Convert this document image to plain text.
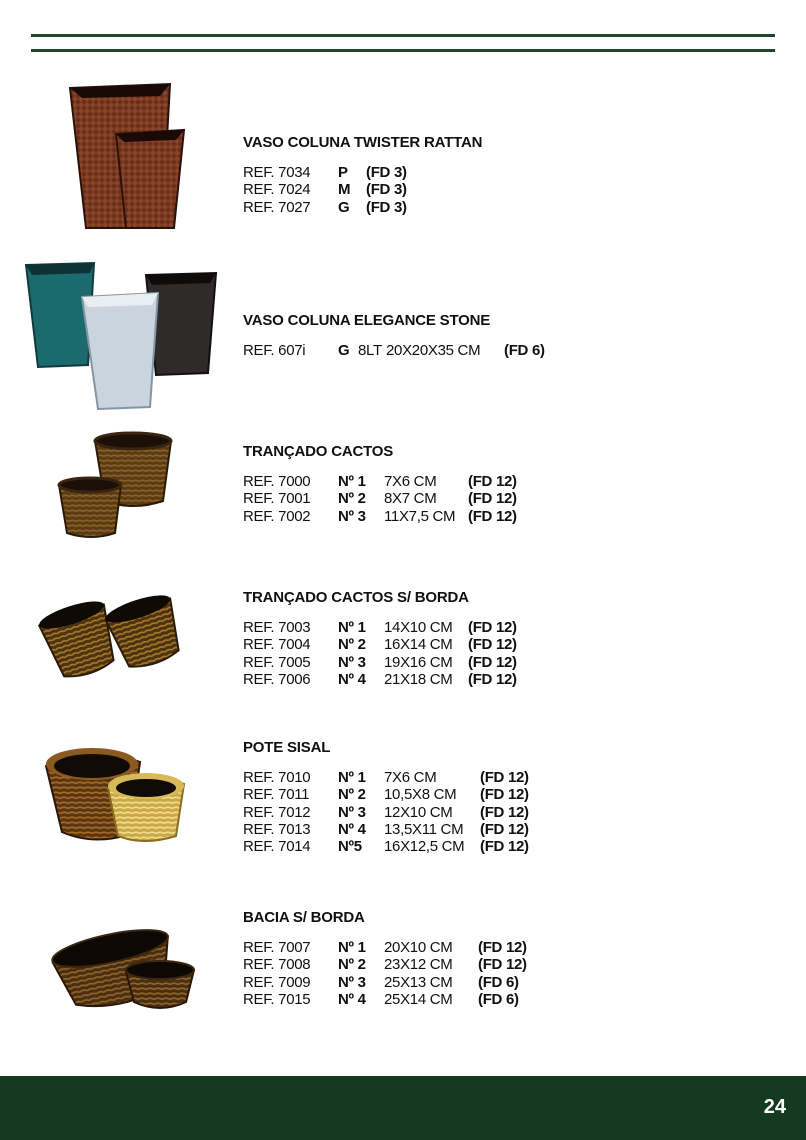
VASO COLUNA TWISTER RATTAN
REF. 7034 P (FD 3)
REF. 7024 M (FD 3)
REF. 7027 G (FD 3)
VASO COLUNA ELEGANCE STONE
REF. 607i G 8LT 20X20X35 CM (FD 6)
TRANÇADO CACTOS
REF. 7000 Nº 1 7X6 CM (FD 12)
REF. 7001 Nº 2 8X7 CM (FD 12)
REF. 7002 Nº 3 11X7,5 CM (FD 12)
TRANÇADO CACTOS S/ BORDA
REF. 7003 Nº 1 14X10 CM (FD 12)
REF. 7004 Nº 2 16X14 CM (FD 12)
REF. 7005 Nº 3 19X16 CM (FD 12)
REF. 7006 Nº 4 21X18 CM (FD 12)
POTE SISAL
REF. 7010 Nº 1 7X6 CM	(FD 12)
REF. 7011 Nº 2 10,5X8 CM (FD 12)
REF. 7012 Nº 3 12X10 CM (FD 12)
REF. 7013 Nº 4 13,5X11 CM (FD 12)
REF. 7014 Nº5 16X12,5 CM (FD 12)
BACIA S/ BORDA
REF. 7007 Nº 1 20X10 CM (FD 12)
REF. 7008 Nº 2 23X12 CM (FD 12)
REF. 7009 Nº 3 25X13 CM (FD 6)
REF. 7015 Nº 4 25X14 CM (FD 6)
24
